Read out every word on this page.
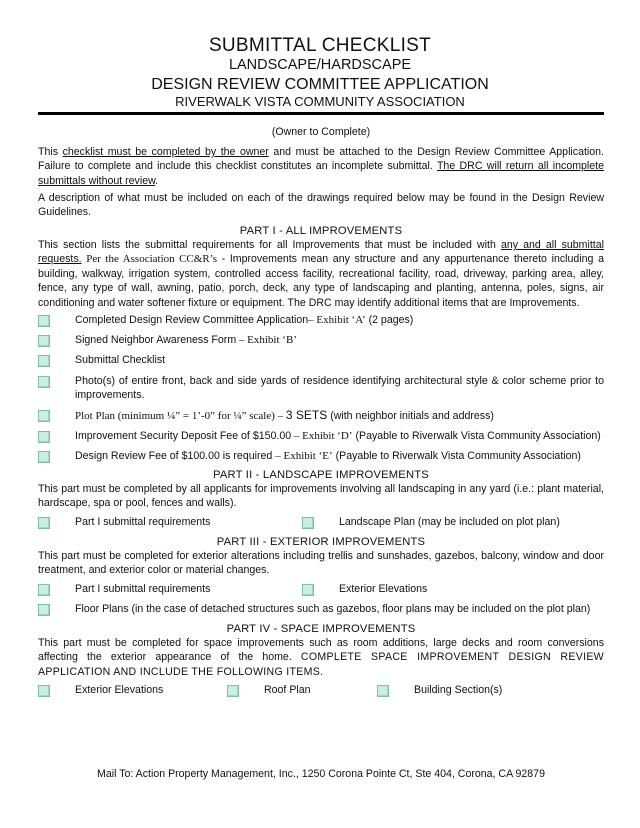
SUBMITTAL CHECKLIST
LANDSCAPE/HARDSCAPE
DESIGN REVIEW COMMITTEE APPLICATION
RIVERWALK VISTA COMMUNITY ASSOCIATION
(Owner to Complete)
This checklist must be completed by the owner and must be attached to the Design Review Committee Application. Failure to complete and include this checklist constitutes an incomplete submittal. The DRC will return all incomplete submittals without review.
A description of what must be included on each of the drawings required below may be found in the Design Review Guidelines.
PART I - ALL IMPROVEMENTS
This section lists the submittal requirements for all Improvements that must be included with any and all submittal requests. Per the Association CC&R’s - Improvements mean any structure and any appurtenance thereto including a building, walkway, irrigation system, controlled access facility, recreational facility, road, driveway, parking area, alley, fence, any type of wall, awning, patio, porch, deck, any type of landscaping and planting, antenna, poles, signs, air conditioning and water softener fixture or equipment. The DRC may identify additional items that are Improvements.
Completed Design Review Committee Application– Exhibit ‘A’ (2 pages)
Signed Neighbor Awareness Form – Exhibit ‘B’
Submittal Checklist
Photo(s) of entire front, back and side yards of residence identifying architectural style & color scheme prior to improvements.
Plot Plan (minimum ¼” = 1’-0” for ¼” scale) – 3 SETS (with neighbor initials and address)
Improvement Security Deposit Fee of $150.00 – Exhibit ‘D’ (Payable to Riverwalk Vista Community Association)
Design Review Fee of $100.00 is required – Exhibit ‘E’ (Payable to Riverwalk Vista Community Association)
PART II - LANDSCAPE IMPROVEMENTS
This part must be completed by all applicants for improvements involving all landscaping in any yard (i.e.: plant material, hardscape, spa or pool, fences and walls).
Part I submittal requirements	Landscape Plan (may be included on plot plan)
PART III - EXTERIOR IMPROVEMENTS
This part must be completed for exterior alterations including trellis and sunshades, gazebos, balcony, window and door treatment, and exterior color or material changes.
Part I submittal requirements	Exterior Elevations
Floor Plans (in the case of detached structures such as gazebos, floor plans may be included on the plot plan)
PART IV - SPACE IMPROVEMENTS
This part must be completed for space improvements such as room additions, large decks and room conversions affecting the exterior appearance of the home. COMPLETE SPACE IMPROVEMENT DESIGN REVIEW APPLICATION AND INCLUDE THE FOLLOWING ITEMS.
Exterior Elevations	Roof Plan	Building Section(s)
Mail To: Action Property Management, Inc., 1250 Corona Pointe Ct, Ste 404, Corona, CA 92879
